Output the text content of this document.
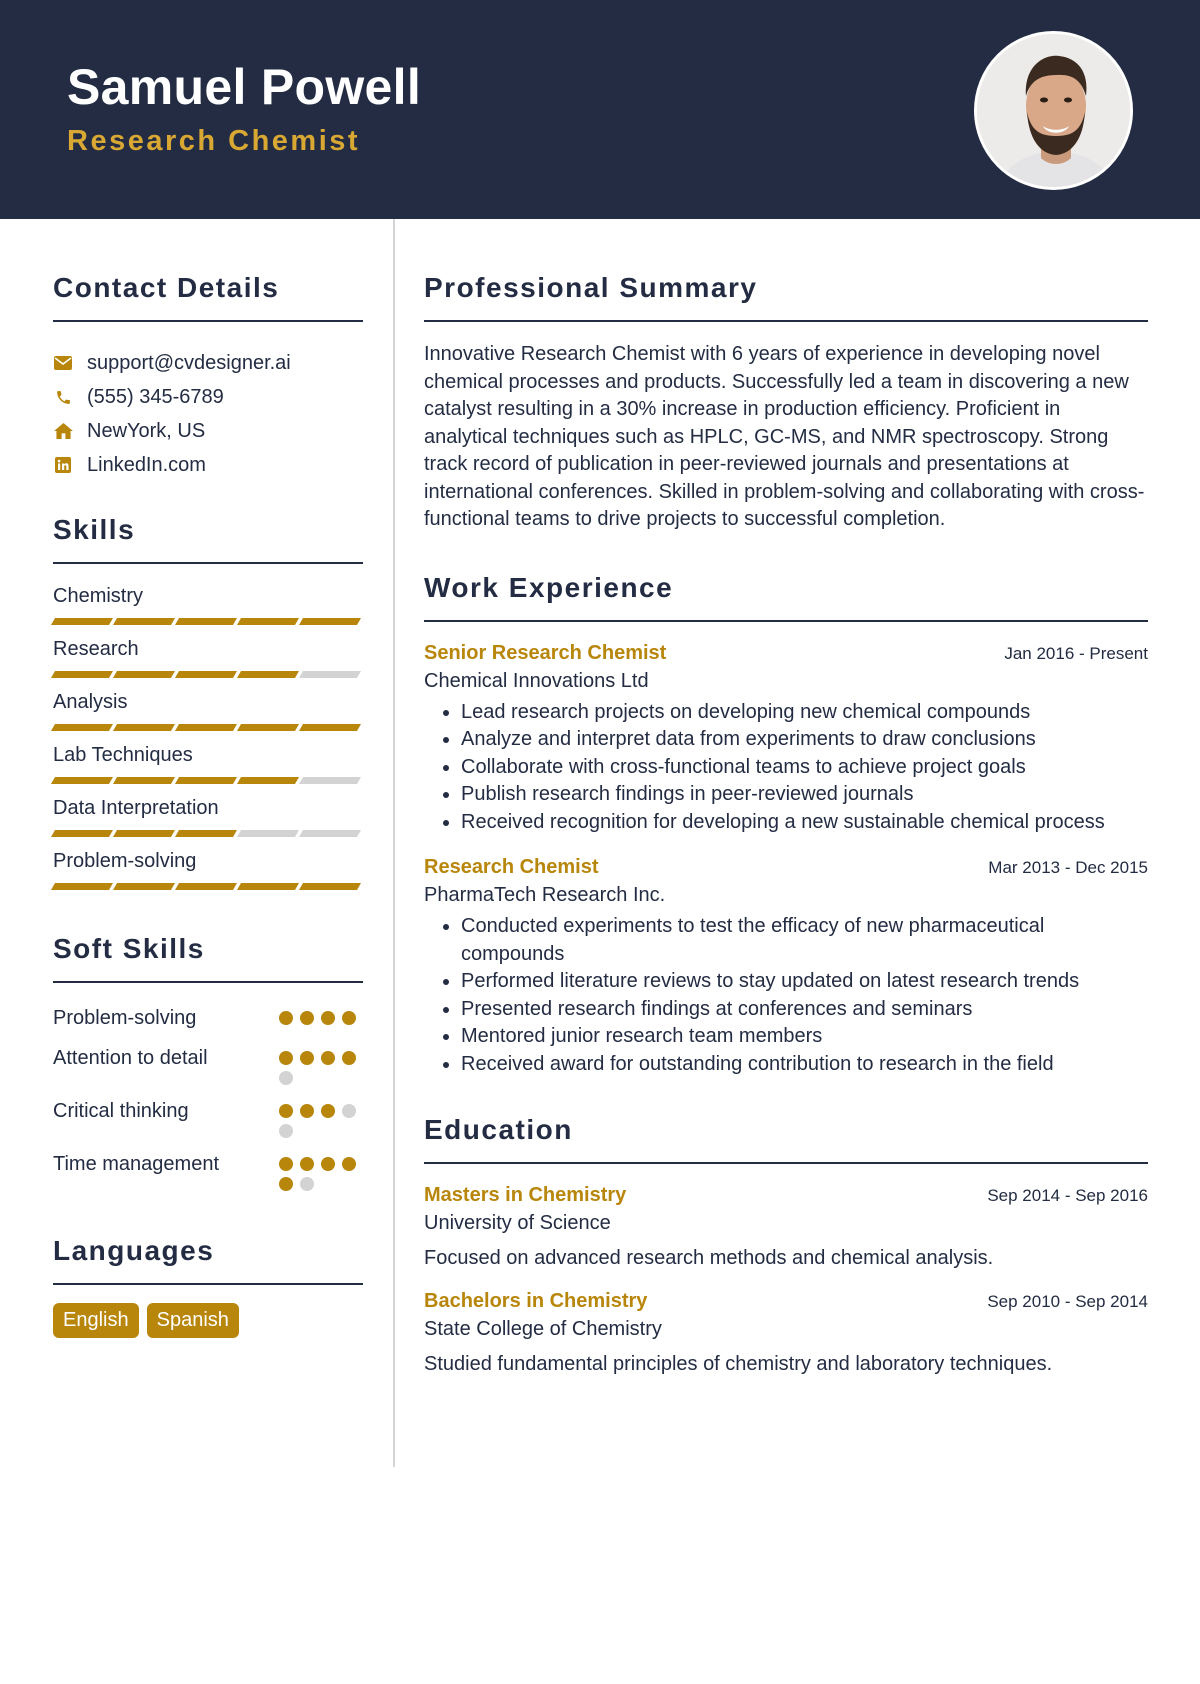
Samuel Powell
Research Chemist
Contact Details
support@cvdesigner.ai
(555) 345-6789
NewYork, US
LinkedIn.com
Skills
Chemistry
Research
Analysis
Lab Techniques
Data Interpretation
Problem-solving
Soft Skills
Problem-solving
Attention to detail
Critical thinking
Time management
Languages
English	Spanish
Professional Summary
Innovative Research Chemist with 6 years of experience in developing novel chemical processes and products. Successfully led a team in discovering a new catalyst resulting in a 30% increase in production efficiency. Proficient in analytical techniques such as HPLC, GC-MS, and NMR spectroscopy. Strong track record of publication in peer-reviewed journals and presentations at international conferences. Skilled in problem-solving and collaborating with cross-functional teams to drive projects to successful completion.
Work Experience
Senior Research Chemist	Jan 2016 - Present
Chemical Innovations Ltd
• Lead research projects on developing new chemical compounds
• Analyze and interpret data from experiments to draw conclusions
• Collaborate with cross-functional teams to achieve project goals
• Publish research findings in peer-reviewed journals
• Received recognition for developing a new sustainable chemical process
Research Chemist	Mar 2013 - Dec 2015
PharmaTech Research Inc.
• Conducted experiments to test the efficacy of new pharmaceutical compounds
• Performed literature reviews to stay updated on latest research trends
• Presented research findings at conferences and seminars
• Mentored junior research team members
• Received award for outstanding contribution to research in the field
Education
Masters in Chemistry	Sep 2014 - Sep 2016
University of Science
Focused on advanced research methods and chemical analysis.
Bachelors in Chemistry	Sep 2010 - Sep 2014
State College of Chemistry
Studied fundamental principles of chemistry and laboratory techniques.
